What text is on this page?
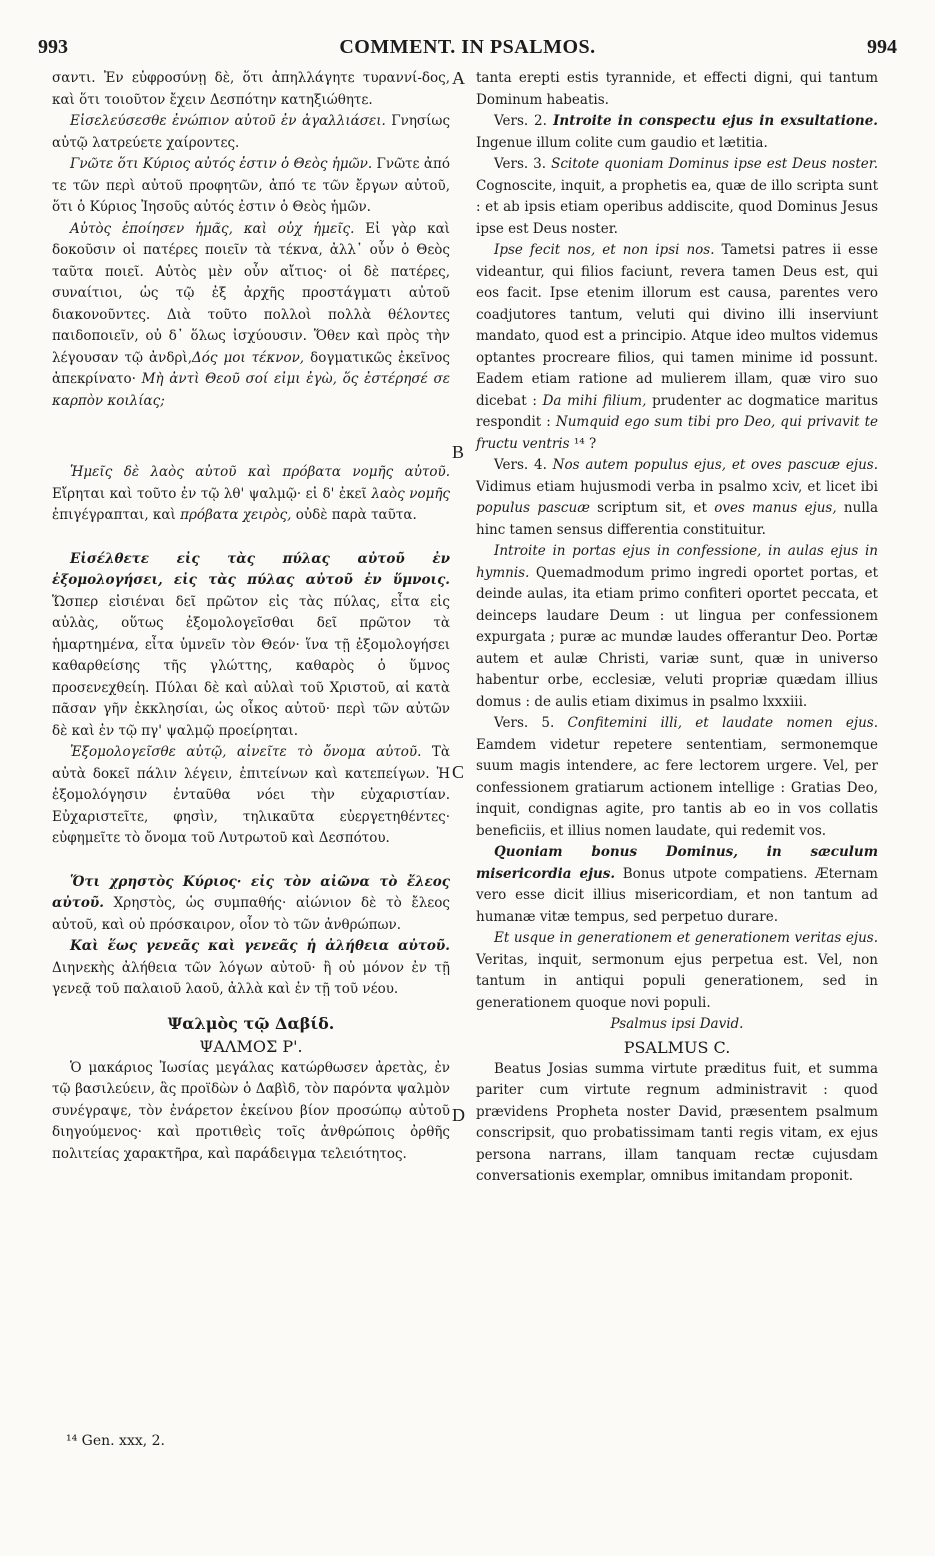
993	COMMENT. IN PSALMOS.	994
A
B
C
D

σαντι. Ἐν εὐφροσύνῃ δὲ, ὅτι ἀπηλλάγητε τυραννί-δος, καὶ ὅτι τοιοῦτον ἔχειν Δεσπότην κατηξιώθητε.

Εἰσελεύσεσθε ἐνώπιον αὐτοῦ ἐν ἀγαλλιάσει. Γνησίως αὐτῷ λατρεύετε χαίροντες.

Γνῶτε ὅτι Κύριος αὐτός ἐστιν ὁ Θεὸς ἡμῶν. Γνῶτε ἀπό τε τῶν περὶ αὐτοῦ προφητῶν, ἀπό τε τῶν ἔργων αὐτοῦ, ὅτι ὁ Κύριος Ἰησοῦς αὐτός ἐστιν ὁ Θεὸς ἡμῶν.

Αὐτὸς ἐποίησεν ἡμᾶς, καὶ οὐχ ἡμεῖς. Εἰ γὰρ καὶ δοκοῦσιν οἱ πατέρες ποιεῖν τὰ τέκνα, ἀλλ᾽ οὖν ὁ Θεὸς ταῦτα ποιεῖ. Αὐτὸς μὲν οὖν αἴτιος· οἱ δὲ πατέρες, συναίτιοι, ὡς τῷ ἐξ ἀρχῆς προστάγματι αὐτοῦ διακονοῦντες. Διὰ τοῦτο πολλοὶ πολλὰ θέλοντες παιδοποιεῖν, οὐ δ᾽ ὅλως ἰσχύουσιν. Ὅθεν καὶ πρὸς τὴν λέγουσαν τῷ ἀνδρὶ,Δός μοι τέκνον, δογματικῶς ἐκεῖνος ἀπεκρίνατο· Μὴ ἀντὶ Θεοῦ σοί εἰμι ἐγὼ, ὅς ἐστέρησέ σε καρπὸν κοιλίας;

Ἡμεῖς δὲ λαὸς αὐτοῦ καὶ πρόβατα νομῆς αὐτοῦ. Εἴρηται καὶ τοῦτο ἐν τῷ λθ' ψαλμῷ· εἰ δ' ἐκεῖ λαὸς νομῆς ἐπιγέγραπται, καὶ πρόβατα χειρὸς, οὐδὲ παρὰ ταῦτα.

Εἰσέλθετε εἰς τὰς πύλας αὐτοῦ ἐν ἐξομολογήσει, εἰς τὰς πύλας αὐτοῦ ἐν ὕμνοις. Ὥσπερ εἰσιέναι δεῖ πρῶτον εἰς τὰς πύλας, εἶτα εἰς αὐλὰς, οὕτως ἐξομολογεῖσθαι δεῖ πρῶτον τὰ ἡμαρτημένα, εἶτα ὑμνεῖν τὸν Θεόν· ἵνα τῇ ἐξομολογήσει καθαρθείσης τῆς γλώττης, καθαρὸς ὁ ὕμνος προσενεχθείη. Πύλαι δὲ καὶ αὐλαὶ τοῦ Χριστοῦ, αἱ κατὰ πᾶσαν γῆν ἐκκλησίαι, ὡς οἶκος αὐτοῦ· περὶ τῶν αὐτῶν δὲ καὶ ἐν τῷ πγ' ψαλμῷ προείρηται.

Ἐξομολογεῖσθε αὐτῷ, αἰνεῖτε τὸ ὄνομα αὐτοῦ. Τὰ αὐτὰ δοκεῖ πάλιν λέγειν, ἐπιτείνων καὶ κατεπείγων. Ἡ ἐξομολόγησιν ἐνταῦθα νόει τὴν εὐχαριστίαν. Εὐχαριστεῖτε, φησὶν, τηλικαῦτα εὐεργετηθέντες· εὐφημεῖτε τὸ ὄνομα τοῦ Λυτρωτοῦ καὶ Δεσπότου.

Ὅτι χρηστὸς Κύριος· εἰς τὸν αἰῶνα τὸ ἔλεος αὐτοῦ. Χρηστὸς, ὡς συμπαθής· αἰώνιον δὲ τὸ ἔλεος αὐτοῦ, καὶ οὐ πρόσκαιρον, οἷον τὸ τῶν ἀνθρώπων.

Καὶ ἕως γενεᾶς καὶ γενεᾶς ἡ ἀλήθεια αὐτοῦ. Διηνεκὴς ἀλήθεια τῶν λόγων αὐτοῦ· ἢ οὐ μόνον ἐν τῇ γενεᾷ τοῦ παλαιοῦ λαοῦ, ἀλλὰ καὶ ἐν τῇ τοῦ νέου.

Ψαλμὸς τῷ Δαβίδ.

ΨΑΛΜΟΣ Ρ'.

Ὁ μακάριος Ἰωσίας μεγάλας κατώρθωσεν ἀρετὰς, ἐν τῷ βασιλεύειν, ἃς προϊδὼν ὁ Δαβὶδ, τὸν παρόντα ψαλμὸν συνέγραψε, τὸν ἐνάρετον ἐκείνου βίον προσώπῳ αὐτοῦ διηγούμενος· καὶ προτιθεὶς τοῖς ἀνθρώποις ὀρθῆς πολιτείας χαρακτῆρα, καὶ παράδειγμα τελειότητος.

tanta erepti estis tyrannide, et effecti digni, qui tantum Dominum habeatis.

Vers. 2. Introite in conspectu ejus in exsultatione. Ingenue illum colite cum gaudio et lætitia.

Vers. 3. Scitote quoniam Dominus ipse est Deus noster. Cognoscite, inquit, a prophetis ea, quæ de illo scripta sunt : et ab ipsis etiam operibus addiscite, quod Dominus Jesus ipse est Deus noster.

Ipse fecit nos, et non ipsi nos. Tametsi patres ii esse videantur, qui filios faciunt, revera tamen Deus est, qui eos facit. Ipse etenim illorum est causa, parentes vero coadjutores tantum, veluti qui divino illi inserviunt mandato, quod est a principio. Atque ideo multos videmus optantes procreare filios, qui tamen minime id possunt. Eadem etiam ratione ad mulierem illam, quæ viro suo dicebat : Da mihi filium, prudenter ac dogmatice maritus respondit : Numquid ego sum tibi pro Deo, qui privavit te fructu ventris ¹⁴ ?

Vers. 4. Nos autem populus ejus, et oves pascuæ ejus. Vidimus etiam hujusmodi verba in psalmo xciv, et licet ibi populus pascuæ scriptum sit, et oves manus ejus, nulla hinc tamen sensus differentia constituitur.

Introite in portas ejus in confessione, in aulas ejus in hymnis. Quemadmodum primo ingredi oportet portas, et deinde aulas, ita etiam primo confiteri oportet peccata, et deinceps laudare Deum : ut lingua per confessionem expurgata ; puræ ac mundæ laudes offerantur Deo. Portæ autem et aulæ Christi, variæ sunt, quæ in universo habentur orbe, ecclesiæ, veluti propriæ quædam illius domus : de aulis etiam diximus in psalmo lxxxiii.

Vers. 5. Confitemini illi, et laudate nomen ejus. Eamdem videtur repetere sententiam, sermonemque suum magis intendere, ac fere lectorem urgere. Vel, per confessionem gratiarum actionem intellige : Gratias Deo, inquit, condignas agite, pro tantis ab eo in vos collatis beneficiis, et illius nomen laudate, qui redemit vos.

Quoniam bonus Dominus, in sæculum misericordia ejus. Bonus utpote compatiens. Æternam vero esse dicit illius misericordiam, et non tantum ad humanæ vitæ tempus, sed perpetuo durare.

Et usque in generationem et generationem veritas ejus. Veritas, inquit, sermonum ejus perpetua est. Vel, non tantum in antiqui populi generationem, sed in generationem quoque novi populi.

Psalmus ipsi David.

PSALMUS C.

Beatus Josias summa virtute præditus fuit, et summa pariter cum virtute regnum administravit : quod prævidens Propheta noster David, præsentem psalmum conscripsit, quo probatissimam tanti regis vitam, ex ejus persona narrans, illam tanquam rectæ cujusdam conversationis exemplar, omnibus imitandam proponit.

¹⁴ Gen. xxx, 2.
